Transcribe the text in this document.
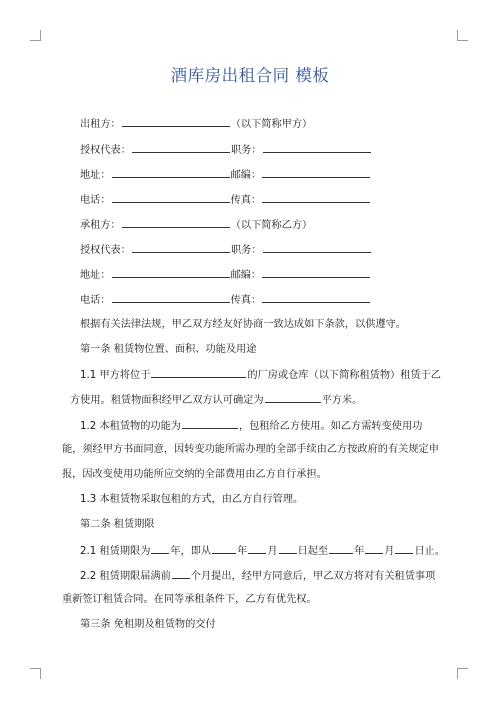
酒库房出租合同 模板
出租方：	（以下简称甲方）
授权代表：	职务：
地址：	邮编：
电话：	传真：
承租方：	（以下简称乙方）
授权代表：	职务：
地址：	邮编：
电话：	传真：
根据有关法律法规，甲乙双方经友好协商一致达成如下条款，以供遵守。
第一条 租赁物位置、面积、功能及用途
1.1 甲方将位于	的厂房或仓库（以下简称租赁物）租赁于乙
方使用。租赁物面积经甲乙双方认可确定为	平方米。
1.2 本租赁物的功能为	，包租给乙方使用。如乙方需转变使用功
能，须经甲方书面同意，因转变功能所需办理的全部手续由乙方按政府的有关规定申
报，因改变使用功能所应交纳的全部费用由乙方自行承担。
1.3 本租赁物采取包租的方式，由乙方自行管理。
第二条 租赁期限
2.1 租赁期限为 年，即从	年 月 日起至	年 月 日止。
2.2 租赁期限届满前 个月提出，经甲方同意后，甲乙双方将对有关租赁事项
重新签订租赁合同。在同等承租条件下，乙方有优先权。
第三条 免租期及租赁物的交付
